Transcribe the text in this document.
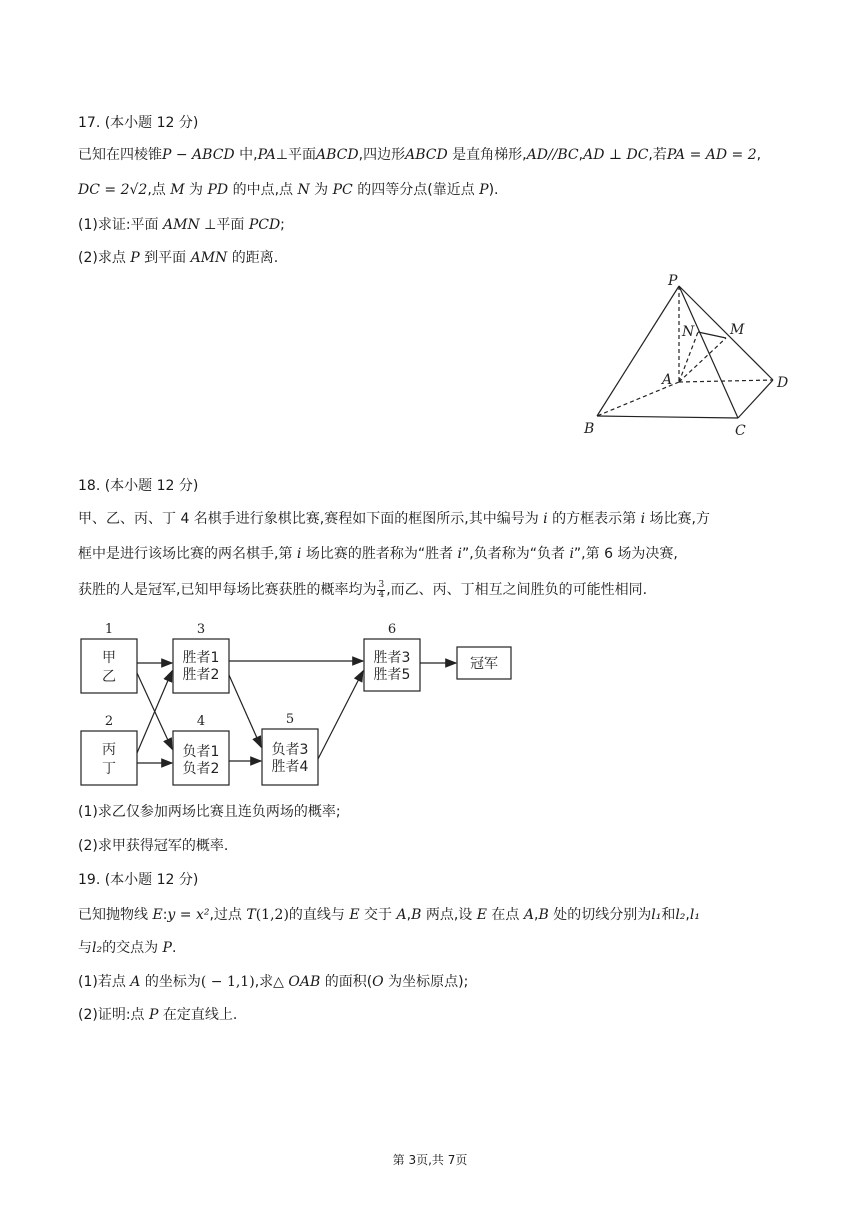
17. (本小题 12 分)
已知在四棱锥P − ABCD 中,PA⊥平面ABCD,四边形ABCD 是直角梯形,AD//BC,AD ⊥ DC,若PA = AD = 2,
DC = 2√2,点 M 为 PD 的中点,点 N 为 PC 的四等分点(靠近点 P).
(1)求证:平面 AMN ⊥平面 PCD;
(2)求点 P 到平面 AMN 的距离.
P
N	M
A	D
B	C
18. (本小题 12 分)
甲、乙、丙、丁 4 名棋手进行象棋比赛,赛程如下面的框图所示,其中编号为 i 的方框表示第 i 场比赛,方
框中是进行该场比赛的两名棋手,第 i 场比赛的胜者称为“胜者 i”,负者称为“负者 i”,第 6 场为决赛,
获胜的人是冠军,已知甲每场比赛获胜的概率均为 $\frac{3}{4}$ ,而乙、丙、丁相互之间胜负的可能性相同.
1
甲
乙
2
丙
丁
3
胜者1
胜者2
4
负者1
负者2
5
负者3
胜者4
6
胜者3
胜者5
冠军
(1)求乙仅参加两场比赛且连负两场的概率;
(2)求甲获得冠军的概率.
19. (本小题 12 分)
已知抛物线 E:y = x²,过点 T(1,2)的直线与 E 交于 A,B 两点,设 E 在点 A,B 处的切线分别为l₁和l₂,l₁
与l₂的交点为 P.
(1)若点 A 的坐标为( − 1,1),求△ OAB 的面积(O 为坐标原点);
(2)证明:点 P 在定直线上.
第 3页,共 7页
